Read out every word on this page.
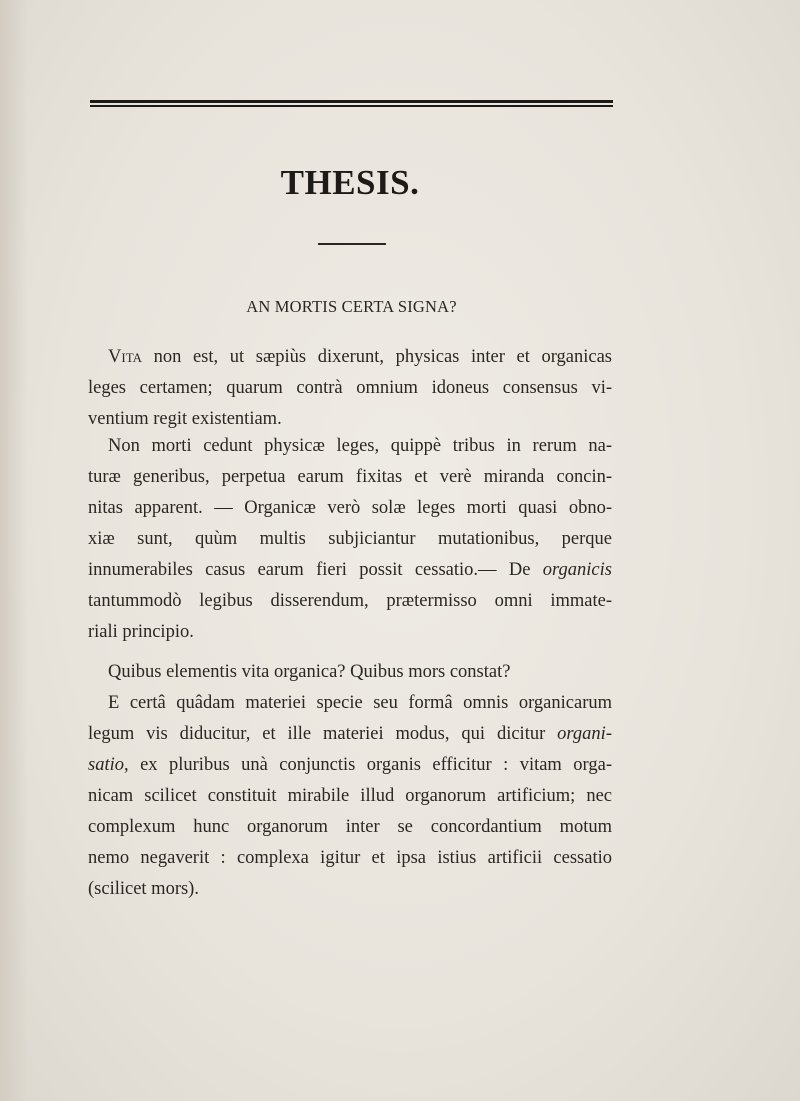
THESIS.
AN MORTIS CERTA SIGNA?
Vita non est, ut sæpiùs dixerunt, physicas inter et organicas
leges certamen; quarum contrà omnium idoneus consensus vi-
ventium regit existentiam.
Non morti cedunt physicæ leges, quippè tribus in rerum na-
turæ generibus, perpetua earum fixitas et verè miranda concin-
nitas apparent. — Organicæ verò solæ leges morti quasi obno-
xiæ sunt, quùm multis subjiciantur mutationibus, perque
innumerabiles casus earum fieri possit cessatio.— De organicis
tantummodò legibus disserendum, prætermisso omni immate-
riali principio.
Quibus elementis vita organica? Quibus mors constat?
E certâ quâdam materiei specie seu formâ omnis organicarum
legum vis diducitur, et ille materiei modus, qui dicitur organi-
satio, ex pluribus unà conjunctis organis efficitur : vitam orga-
nicam scilicet constituit mirabile illud organorum artificium; nec
complexum hunc organorum inter se concordantium motum
nemo negaverit : complexa igitur et ipsa istius artificii cessatio
(scilicet mors).
